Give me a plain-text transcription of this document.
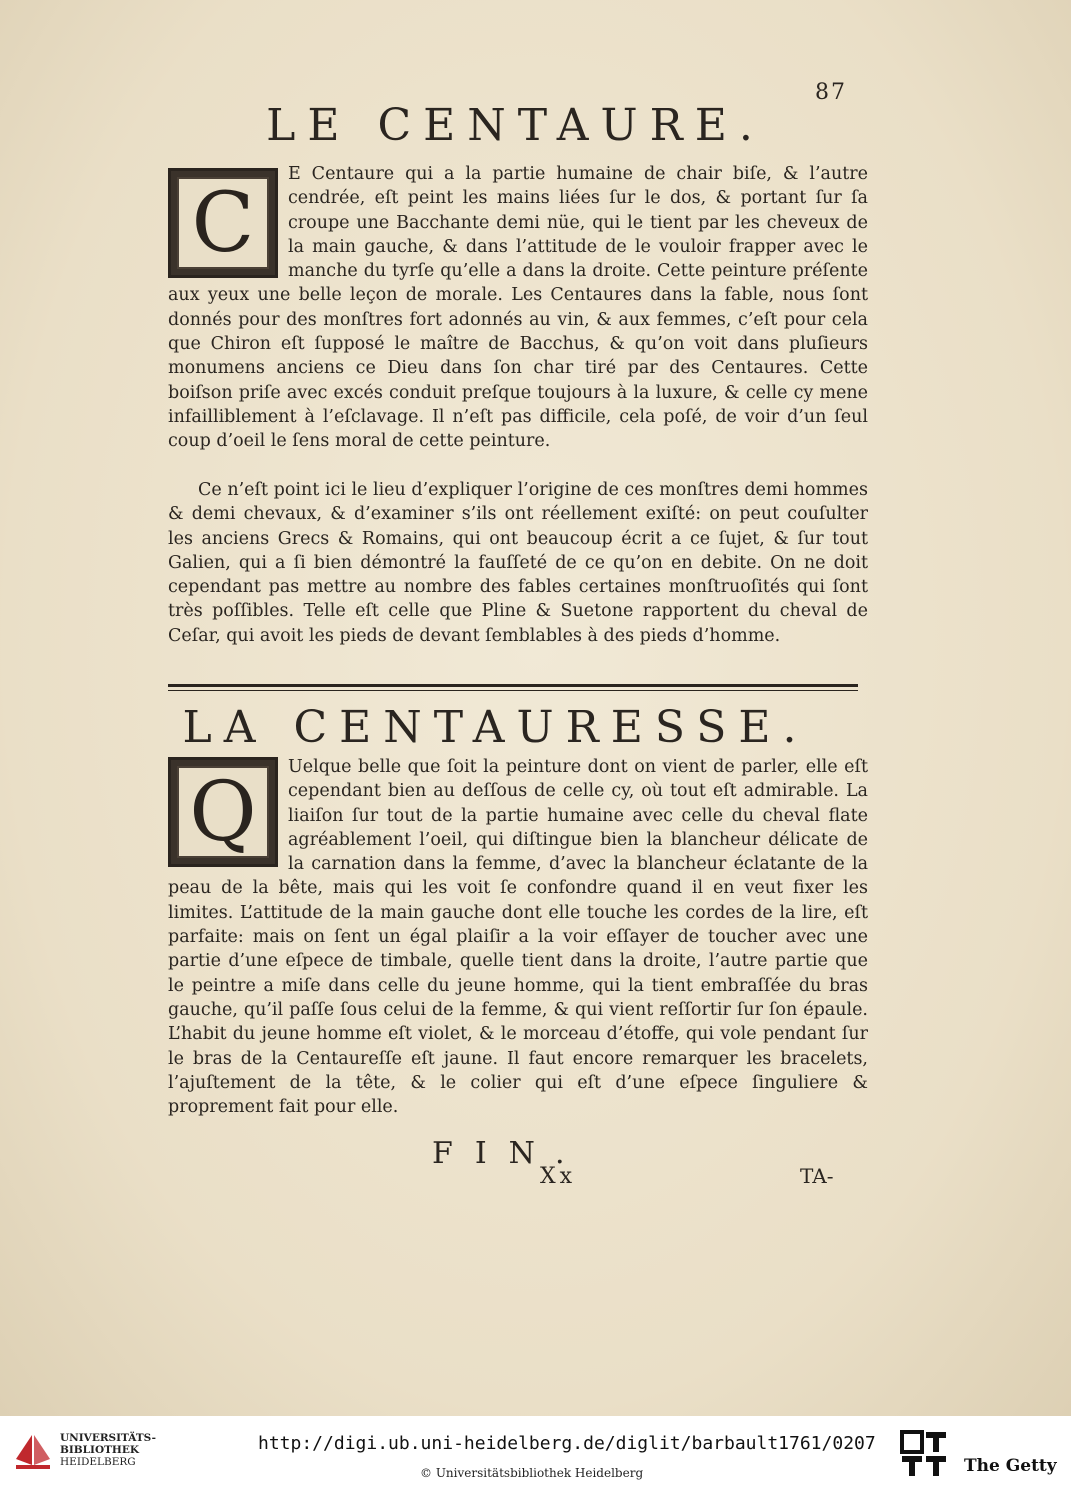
87
LE CENTAURE.
C

E Centaure qui a la partie humaine de chair biſe, & l’autre cendrée, eſt peint les mains liées ſur le dos, & portant ſur ſa croupe une Bacchante demi nüe, qui le tient par les cheveux de la main gauche, & dans l’attitude de le vouloir frapper avec le manche du tyrſe qu’elle a dans la droite. Cette peinture préſente aux yeux une belle leçon de morale. Les Centaures dans la fable, nous ſont donnés pour des monſtres fort adonnés au vin, & aux femmes, c’eſt pour cela que Chiron eſt ſupposé le maître de Bacchus, & qu’on voit dans pluſieurs monumens anciens ce Dieu dans ſon char tiré par des Centaures. Cette boiſson priſe avec excés conduit preſque toujours à la luxure, & celle cy mene infailliblement à l’eſclavage. Il n’eſt pas difficile, cela poſé, de voir d’un ſeul coup d’oeil le ſens moral de cette peinture.

Ce n’eſt point ici le lieu d’expliquer l’origine de ces monſtres demi hommes & demi chevaux, & d’examiner s’ils ont réellement exiſté: on peut couſulter les anciens Grecs & Romains, qui ont beaucoup écrit a ce ſujet, & ſur tout Galien, qui a ſi bien démontré la fauſſeté de ce qu’on en debite. On ne doit cependant pas mettre au nombre des fables certaines monſtruoſités qui ſont très poſſibles. Telle eſt celle que Pline & Suetone rapportent du cheval de Ceſar, qui avoit les pieds de devant ſemblables à des pieds d’homme.

LA CENTAURESSE.
Q	Uelque belle que ſoit la peinture dont on vient de parler, elle eſt cependant bien au deſſous de celle cy, où tout eſt admirable. La liaiſon ſur tout de la partie humaine avec celle du cheval flate agréablement l’oeil, qui diſtingue bien la blancheur délicate de la carnation dans la femme, d’avec la blancheur éclatante de la peau de la bête, mais qui les voit ſe confondre quand il en veut fixer les limites. L’attitude de la main gauche dont elle touche les cordes de la lire, eſt parfaite: mais on ſent un égal plaiſir a la voir eſſayer de toucher avec une partie d’une eſpece de timbale, quelle tient dans la droite, l’autre partie que le peintre a miſe dans celle du jeune homme, qui la tient embraſſée du bras gauche, qu’il paſſe ſous celui de la femme, & qui vient reſſortir ſur ſon épaule. L’habit du jeune homme eſt violet, & le morceau d’étoffe, qui vole pendant ſur le bras de la Centaureſſe eſt jaune. Il faut encore remarquer les bracelets, l’ajuſtement de la tête, & le colier qui eſt d’une eſpece ſinguliere & proprement fait pour elle.

FIN.
Xx	TA-
UNIVERSITÄTS-
BIBLIOTHEK
HEIDELBERG
http://digi.ub.uni-heidelberg.de/diglit/barbault1761/0207
© Universitätsbibliothek Heidelberg	The Getty
